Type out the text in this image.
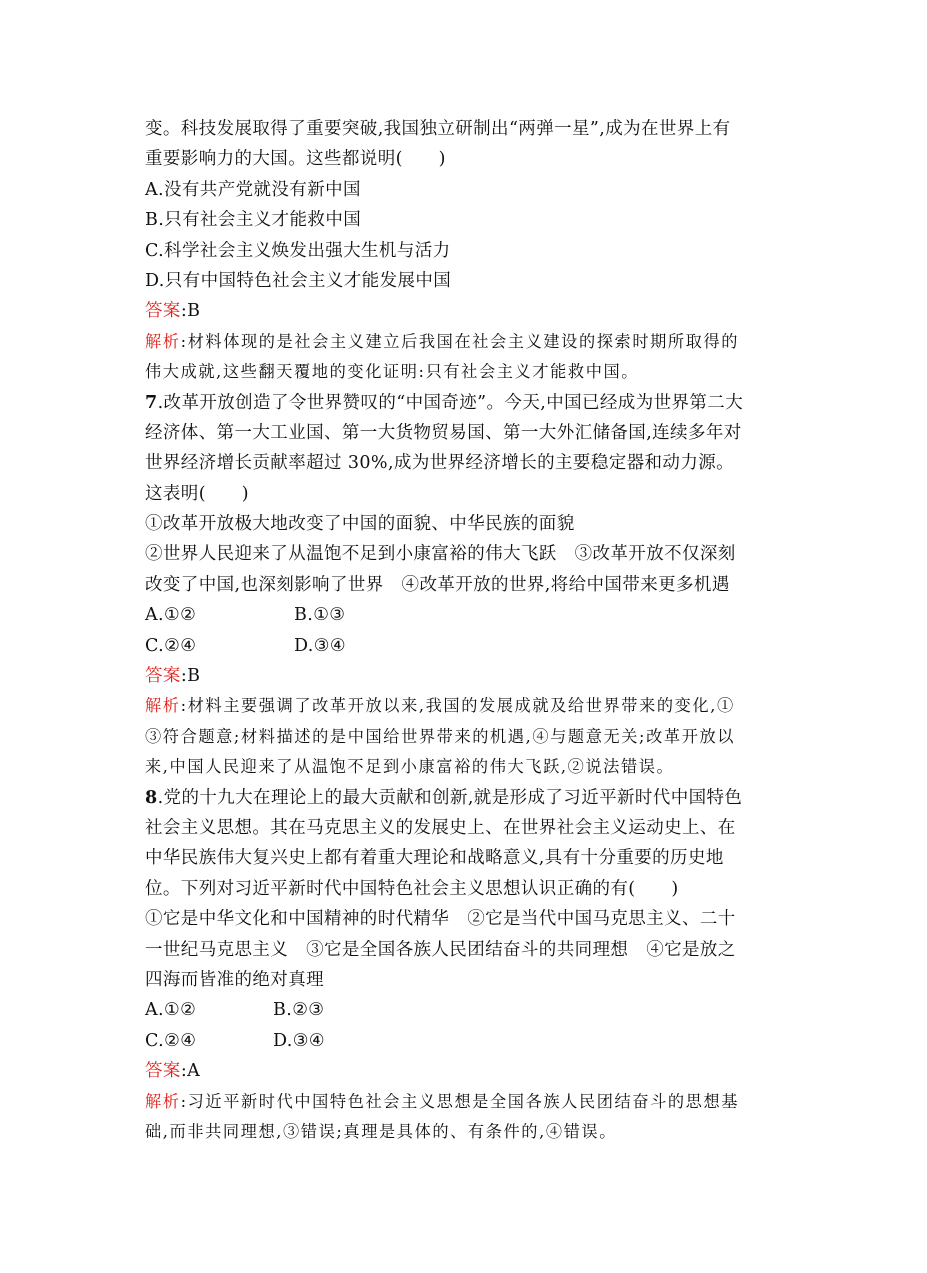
变。科技发展取得了重要突破,我国独立研制出“两弹一星”,成为在世界上有
重要影响力的大国。这些都说明(　　)
A.没有共产党就没有新中国
B.只有社会主义才能救中国
C.科学社会主义焕发出强大生机与活力
D.只有中国特色社会主义才能发展中国
答案:B
解析:材料体现的是社会主义建立后我国在社会主义建设的探索时期所取得的
伟大成就,这些翻天覆地的变化证明:只有社会主义才能救中国。
7.改革开放创造了令世界赞叹的“中国奇迹”。今天,中国已经成为世界第二大
经济体、第一大工业国、第一大货物贸易国、第一大外汇储备国,连续多年对
世界经济增长贡献率超过 30%,成为世界经济增长的主要稳定器和动力源。
这表明(　　)
①改革开放极大地改变了中国的面貌、中华民族的面貌
②世界人民迎来了从温饱不足到小康富裕的伟大飞跃　③改革开放不仅深刻
改变了中国,也深刻影响了世界　④改革开放的世界,将给中国带来更多机遇
A.①②	B.①③
C.②④	D.③④
答案:B
解析:材料主要强调了改革开放以来,我国的发展成就及给世界带来的变化,①
③符合题意;材料描述的是中国给世界带来的机遇,④与题意无关;改革开放以
来,中国人民迎来了从温饱不足到小康富裕的伟大飞跃,②说法错误。
8.党的十九大在理论上的最大贡献和创新,就是形成了习近平新时代中国特色
社会主义思想。其在马克思主义的发展史上、在世界社会主义运动史上、在
中华民族伟大复兴史上都有着重大理论和战略意义,具有十分重要的历史地
位。下列对习近平新时代中国特色社会主义思想认识正确的有(　　)
①它是中华文化和中国精神的时代精华　②它是当代中国马克思主义、二十
一世纪马克思主义　③它是全国各族人民团结奋斗的共同理想　④它是放之
四海而皆准的绝对真理
A.①②	B.②③
C.②④	D.③④
答案:A
解析:习近平新时代中国特色社会主义思想是全国各族人民团结奋斗的思想基
础,而非共同理想,③错误;真理是具体的、有条件的,④错误。
